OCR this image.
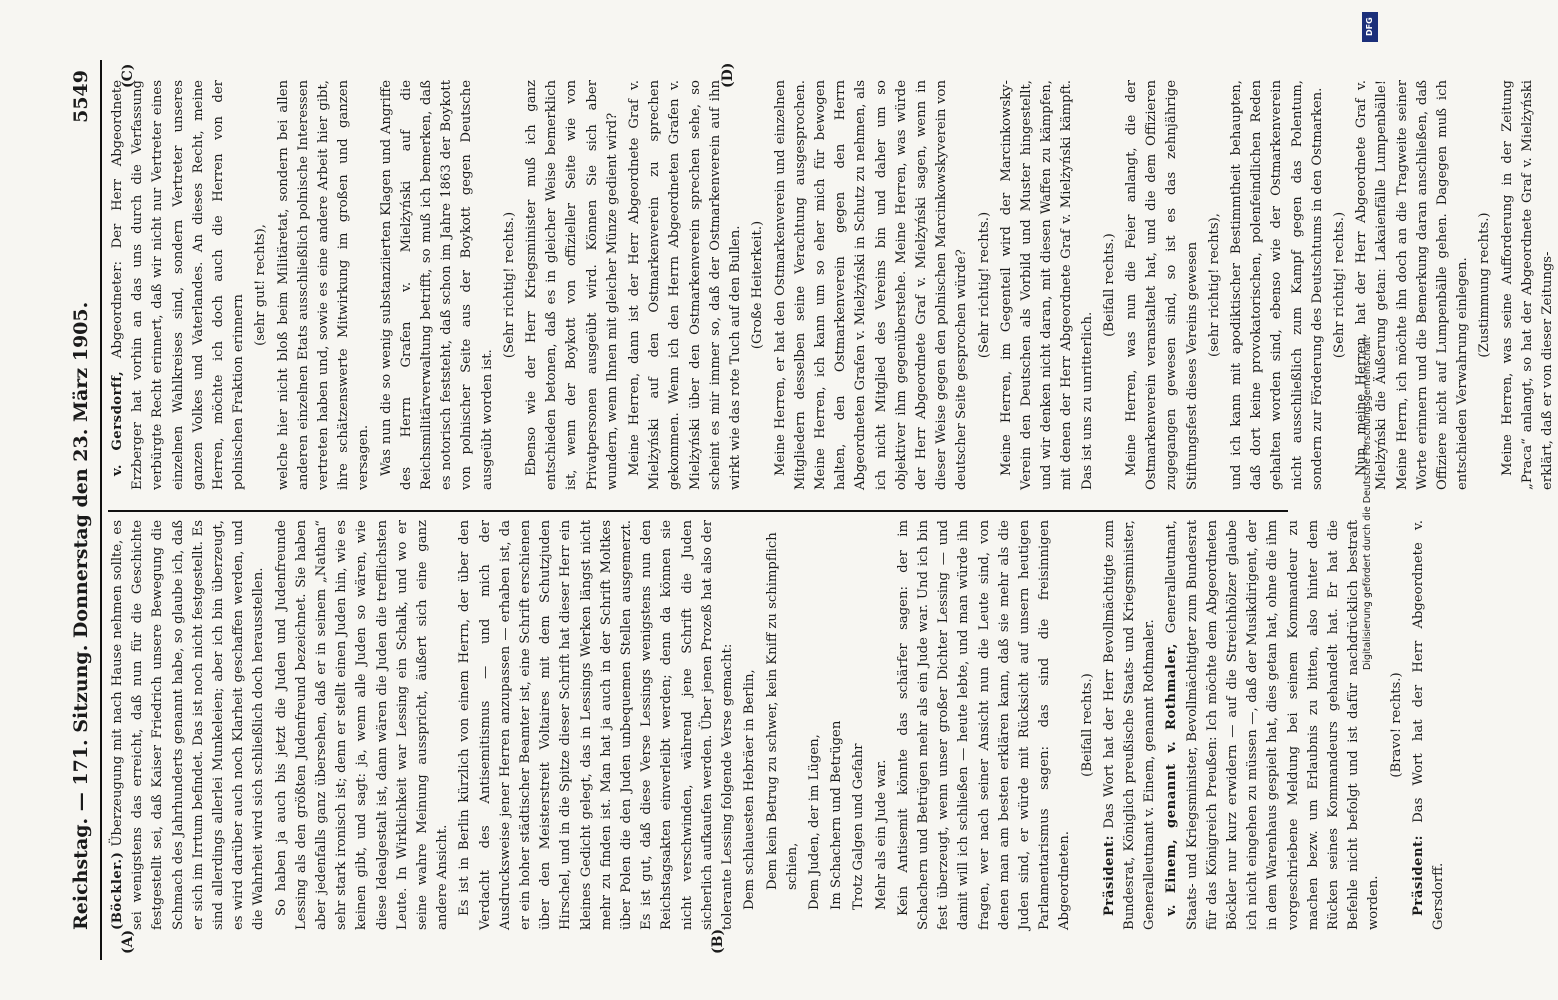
Reichstag. — 171. Sitzung. Donnerstag den 23. März 1905.
5549
(A)	(B)
(C)	(D)

(Böckler.) Überzeugung mit nach Hause nehmen sollte, es sei wenigstens das erreicht, daß nun für die Geschichte festgestellt sei, daß Kaiser Friedrich unsere Bewegung die Schmach des Jahrhunderts genannt habe, so glaube ich, daß er sich im Irrtum befindet. Das ist noch nicht festgestellt. Es sind allerdings allerlei Munkeleien; aber ich bin überzeugt, es wird darüber auch noch Klarheit geschaffen werden, und die Wahrheit wird sich schließlich doch herausstellen. So haben ja auch bis jetzt die Juden und Judenfreunde Lessing als den größten Judenfreund bezeichnet. Sie haben aber jedenfalls ganz übersehen, daß er in seinem „Nathan“ sehr stark ironisch ist; denn er stellt einen Juden hin, wie es keinen gibt, und sagt: ja, wenn alle Juden so wären, wie diese Idealgestalt ist, dann wären die Juden die trefflichsten Leute. In Wirklichkeit war Lessing ein Schalk, und wo er seine wahre Meinung ausspricht, äußert sich eine ganz andere Ansicht. Es ist in Berlin kürzlich von einem Herrn, der über den Verdacht des Antisemitismus — und mich der Ausdrucksweise jener Herren anzupassen — erhaben ist, da er ein hoher städtischer Beamter ist, eine Schrift erschienen über den Meisterstreit Voltaires mit dem Schutzjuden Hirschel, und in die Spitze dieser Schrift hat dieser Herr ein kleines Gedicht gelegt, das in Lessings Werken längst nicht mehr zu finden ist. Man hat ja auch in der Schrift Moltkes über Polen die den Juden unbequemen Stellen ausgemerzt. Es ist gut, daß diese Verse Lessings wenigstens nun den Reichstagsakten einverleibt werden; denn da können sie nicht verschwinden, während jene Schrift die Juden sicherlich aufkaufen werden. Über jenen Prozeß hat also der tolerante Lessing folgende Verse gemacht: Dem schlauesten Hebräer in Berlin, Dem kein Betrug zu schwer, kein Kniff zu schimpflich schien, Dem Juden, der im Lügen, Im Schachern und Betrügen Trotz Galgen und Gefahr Mehr als ein Jude war. Kein Antisemit könnte das schärfer sagen: der im Schachern und Betrügen mehr als ein Jude war. Und ich bin fest überzeugt, wenn unser großer Dichter Lessing — und damit will ich schließen — heute lebte, und man würde ihn fragen, wer nach seiner Ansicht nun die Leute sind, von denen man am besten erklären kann, daß sie mehr als die Juden sind, er würde mit Rücksicht auf unsern heutigen Parlamentarismus sagen: das sind die freisinnigen Abgeordneten.

(Beifall rechts.)

Präsident: Das Wort hat der Herr Bevollmächtigte zum Bundesrat, Königlich preußische Staats- und Kriegsminister, Generalleutnant v. Einem, genannt Rothmaler. v. Einem, genannt v. Rothmaler, Generalleutnant, Staats- und Kriegsminister, Bevollmächtigter zum Bundesrat für das Königreich Preußen: Ich möchte dem Abgeordneten Böckler nur kurz erwidern — auf die Streichhölzer glaube ich nicht eingehen zu müssen —, daß der Musikdirigent, der in dem Warenhaus gespielt hat, dies getan hat, ohne die ihm vorgeschriebene Meldung bei seinem Kommandeur zu machen bezw. um Erlaubnis zu bitten, also hinter dem Rücken seines Kommandeurs gehandelt hat. Er hat die Befehle nicht befolgt und ist dafür nachdrücklich bestraft worden.

(Bravo! rechts.)

Präsident: Das Wort hat der Herr Abgeordnete v. Gersdorff.

v. Gersdorff, Abgeordneter: Der Herr Abgeordnete Erzberger hat vorhin an das uns durch die Verfassung verbürgte Recht erinnert, daß wir nicht nur Vertreter eines einzelnen Wahlkreises sind, sondern Vertreter unseres ganzen Volkes und Vaterlandes. An dieses Recht, meine Herren, möchte ich doch auch die Herren von der polnischen Fraktion erinnern

(sehr gut! rechts), welche hier nicht bloß beim Militäretat, sondern bei allen anderen einzelnen Etats ausschließlich polnische Interessen vertreten haben und, sowie es eine andere Arbeit hier gibt, ihre schätzenswerte Mitwirkung im großen und ganzen versagen. Was nun die so wenig substanziierten Klagen und Angriffe des Herrn Grafen v. Mielżyński auf die Reichsmilitärverwaltung betrifft, so muß ich bemerken, daß es notorisch feststeht, daß schon im Jahre 1863 der Boykott von polnischer Seite aus der Boykott gegen Deutsche ausgeübt worden ist.

(Sehr richtig! rechts.) Ebenso wie der Herr Kriegsminister muß ich ganz entschieden betonen, daß es in gleicher Weise bemerklich ist, wenn der Boykott von offizieller Seite wie von Privatpersonen ausgeübt wird. Können Sie sich aber wundern, wenn Ihnen mit gleicher Münze gedient wird? Meine Herren, dann ist der Herr Abgeordnete Graf v. Mielżyński auf den Ostmarkenverein zu sprechen gekommen. Wenn ich den Herrn Abgeordneten Grafen v. Mielżyński über den Ostmarkenverein sprechen sehe, so scheint es mir immer so, daß der Ostmarkenverein auf ihn wirkt wie das rote Tuch auf den Bullen. (Große Heiterkeit.) Meine Herren, er hat den Ostmarkenverein und einzelnen Mitgliedern desselben seine Verachtung ausgesprochen. Meine Herren, ich kann um so eher mich für bewogen halten, den Ostmarkenverein gegen den Herrn Abgeordneten Grafen v. Mielżyński in Schutz zu nehmen, als ich nicht Mitglied des Vereins bin und daher um so objektiver ihm gegenüberstehe. Meine Herren, was würde der Herr Abgeordnete Graf v. Mielżyński sagen, wenn in dieser Weise gegen den polnischen Marcinkowskyverein von deutscher Seite gesprochen würde? (Sehr richtig! rechts.) Meine Herren, im Gegenteil wird der Marcinkowsky-Verein den Deutschen als Vorbild und Muster hingestellt, und wir denken nicht daran, mit diesen Waffen zu kämpfen, mit denen der Herr Abgeordnete Graf v. Mielżyński kämpft. Das ist uns zu unritterlich.

(Beifall rechts.) Meine Herren, was nun die Feier anlangt, die der Ostmarkenverein veranstaltet hat, und die dem Offizieren zugegangen gewesen sind, so ist es das zehnjährige Stiftungsfest dieses Vereins gewesen (sehr richtig! rechts), und ich kann mit apodiktischer Bestimmtheit behaupten, daß dort keine provokatorischen, polenfeindlichen Reden gehalten worden sind, ebenso wie der Ostmarkenverein nicht ausschließlich zum Kampf gegen das Polentum, sondern zur Förderung des Deutschtums in den Ostmarken. (Sehr richtig! rechts.) Nun, meine Herren, hat der Herr Abgeordnete Graf v. Mielżyński die Äußerung getan: Lakaienfälle Lumpenbälle! Meine Herrn, ich möchte ihn doch an die Tragweite seiner Worte erinnern und die Bemerkung daran anschließen, daß Offiziere nicht auf Lumpenbälle gehen. Dagegen muß ich entschieden Verwahrung einlegen. (Zustimmung rechts.) Meine Herren, was seine Aufforderung in der Zeitung „Praca“ anlangt, so hat der Abgeordnete Graf v. Mielżyński erklärt, daß er von dieser Zeitungs-

DFG
Digitalisierung gefördert durch die Deutsche Forschungsgemeinschaft
